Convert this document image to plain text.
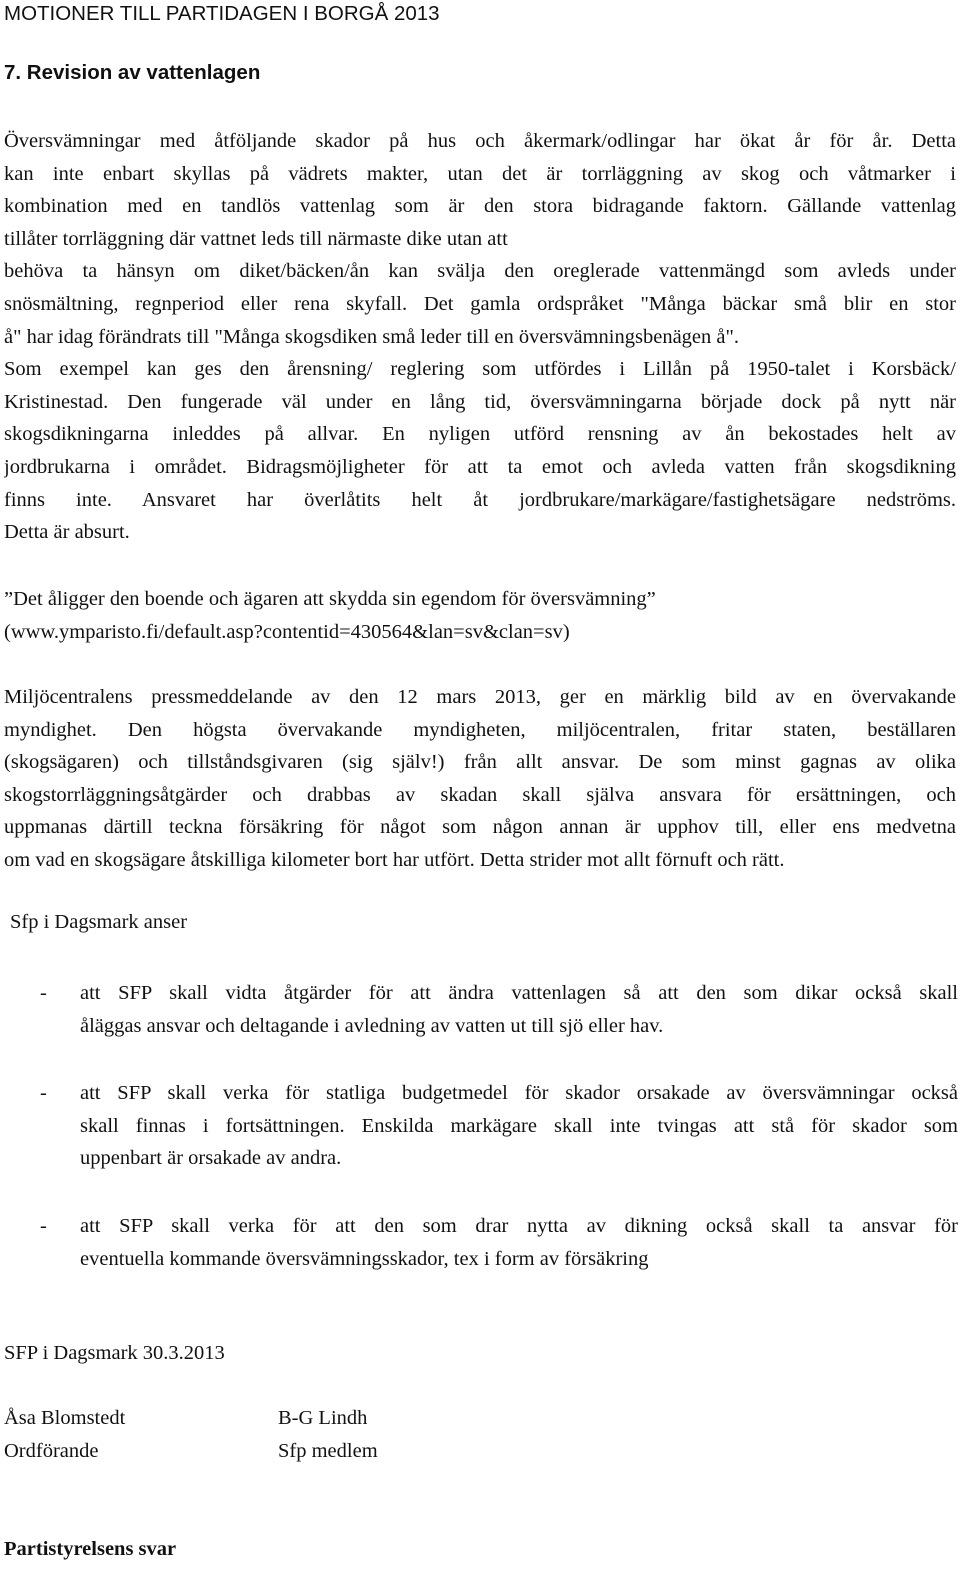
MOTIONER TILL PARTIDAGEN I BORGÅ 2013
7. Revision av vattenlagen
Översvämningar med åtföljande skador på hus och åkermark/odlingar har ökat år för år. Detta
kan inte enbart skyllas på vädrets makter, utan det är torrläggning av skog och våtmarker i
kombination med en tandlös vattenlag som är den stora bidragande faktorn. Gällande vattenlag
tillåter torrläggning där vattnet leds till närmaste dike utan att
behöva ta hänsyn om diket/bäcken/ån kan svälja den oreglerade vattenmängd som avleds under
snösmältning, regnperiod eller rena skyfall. Det gamla ordspråket "Många bäckar små blir en stor
å" har idag förändrats till "Många skogsdiken små leder till en översvämningsbenägen å".
Som exempel kan ges den årensning/ reglering som utfördes i Lillån på 1950-talet i Korsbäck/
Kristinestad. Den fungerade väl under en lång tid, översvämningarna började dock på nytt när
skogsdikningarna inleddes på allvar. En nyligen utförd rensning av ån bekostades helt av
jordbrukarna i området. Bidragsmöjligheter för att ta emot och avleda vatten från skogsdikning
finns inte. Ansvaret har överlåtits helt åt jordbrukare/markägare/fastighetsägare nedströms.
Detta är absurt.
”Det åligger den boende och ägaren att skydda sin egendom för översvämning”
(www.ymparisto.fi/default.asp?contentid=430564&lan=sv&clan=sv)
Miljöcentralens pressmeddelande av den 12 mars 2013, ger en märklig bild av en övervakande
myndighet. Den högsta övervakande myndigheten, miljöcentralen, fritar staten, beställaren
(skogsägaren) och tillståndsgivaren (sig själv!) från allt ansvar. De som minst gagnas av olika
skogstorrläggningsåtgärder och drabbas av skadan skall själva ansvara för ersättningen, och
uppmanas därtill teckna försäkring för något som någon annan är upphov till, eller ens medvetna
om vad en skogsägare åtskilliga kilometer bort har utfört. Detta strider mot allt förnuft och rätt.
Sfp i Dagsmark anser
- att SFP skall vidta åtgärder för att ändra vattenlagen så att den som dikar också skall
åläggas ansvar och deltagande i avledning av vatten ut till sjö eller hav.
- att SFP skall verka för statliga budgetmedel för skador orsakade av översvämningar också
skall finnas i fortsättningen. Enskilda markägare skall inte tvingas att stå för skador som
uppenbart är orsakade av andra.
- att SFP skall verka för att den som drar nytta av dikning också skall ta ansvar för
eventuella kommande översvämningsskador, tex i form av försäkring
SFP i Dagsmark 30.3.2013
Åsa Blomstedt
Ordförande
B-G Lindh
Sfp medlem
Partistyrelsens svar
